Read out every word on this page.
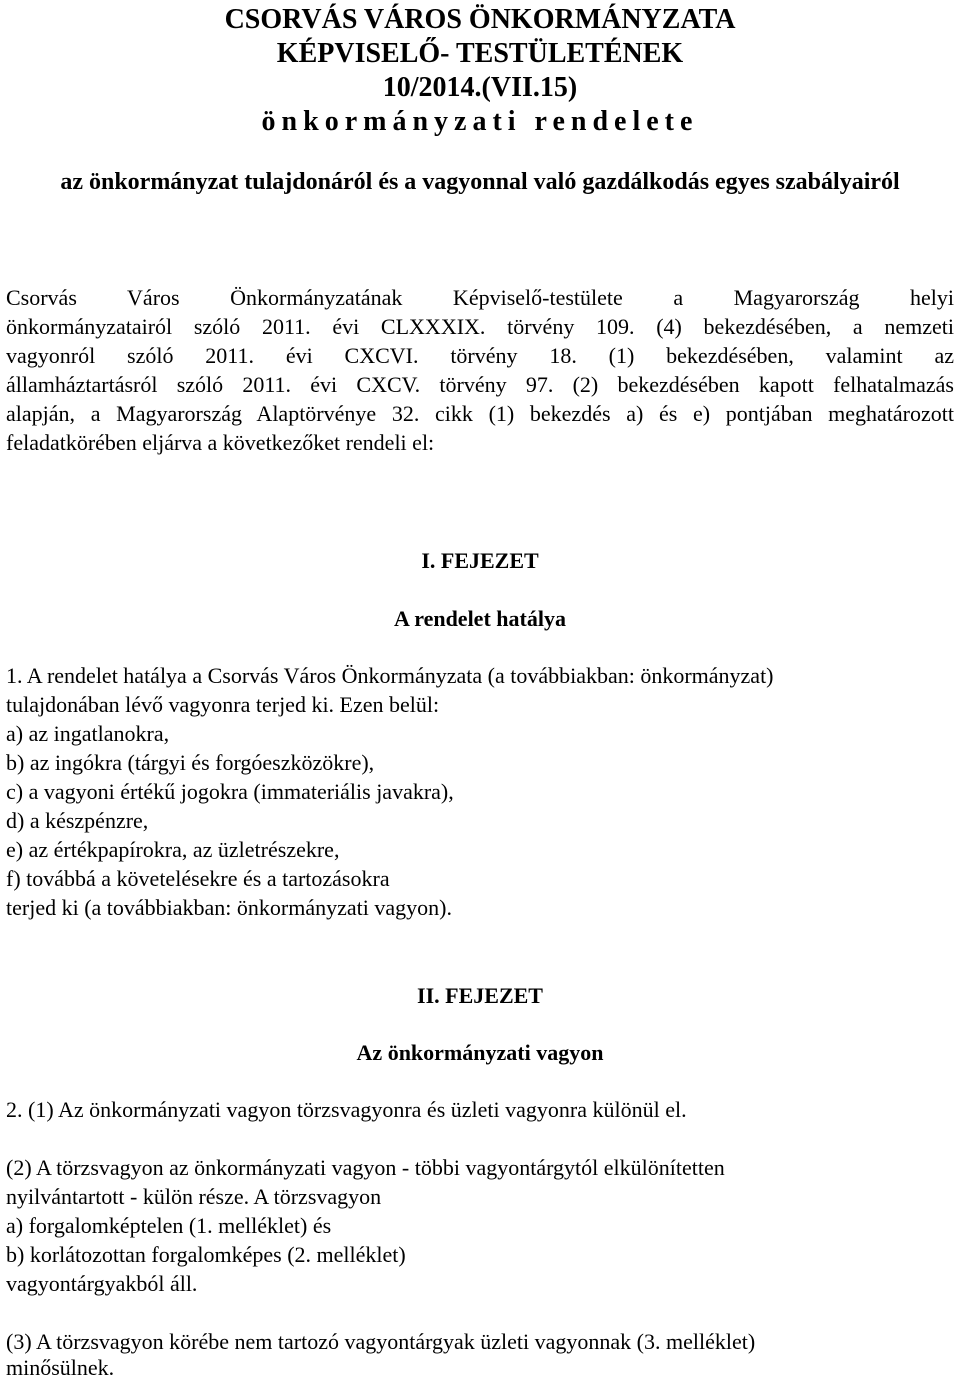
CSORVÁS VÁROS ÖNKORMÁNYZATA
KÉPVISELŐ- TESTÜLETÉNEK
10/2014.(VII.15)
önkormányzati rendelete
az önkormányzat tulajdonáról és a vagyonnal való gazdálkodás egyes szabályairól
Csorvás Város Önkormányzatának Képviselő-testülete a Magyarország helyi
önkormányzatairól szóló 2011. évi CLXXXIX. törvény 109. (4) bekezdésében, a nemzeti
vagyonról szóló 2011. évi CXCVI. törvény 18. (1) bekezdésében, valamint az
államháztartásról szóló 2011. évi CXCV. törvény 97. (2) bekezdésében kapott felhatalmazás
alapján, a Magyarország Alaptörvénye 32. cikk (1) bekezdés a) és e) pontjában meghatározott
feladatkörében eljárva a következőket rendeli el:
I. FEJEZET
A rendelet hatálya
1. A rendelet hatálya a Csorvás Város Önkormányzata (a továbbiakban: önkormányzat)
tulajdonában lévő vagyonra terjed ki. Ezen belül:
a) az ingatlanokra,
b) az ingókra (tárgyi és forgóeszközökre),
c) a vagyoni értékű jogokra (immateriális javakra),
d) a készpénzre,
e) az értékpapírokra, az üzletrészekre,
f) továbbá a követelésekre és a tartozásokra
terjed ki (a továbbiakban: önkormányzati vagyon).
II. FEJEZET
Az önkormányzati vagyon
2. (1) Az önkormányzati vagyon törzsvagyonra és üzleti vagyonra különül el.
(2) A törzsvagyon az önkormányzati vagyon - többi vagyontárgytól elkülönítetten
nyilvántartott - külön része. A törzsvagyon
a) forgalomképtelen (1. melléklet) és
b) korlátozottan forgalomképes (2. melléklet)
vagyontárgyakból áll.
(3) A törzsvagyon körébe nem tartozó vagyontárgyak üzleti vagyonnak (3. melléklet)
minősülnek.
